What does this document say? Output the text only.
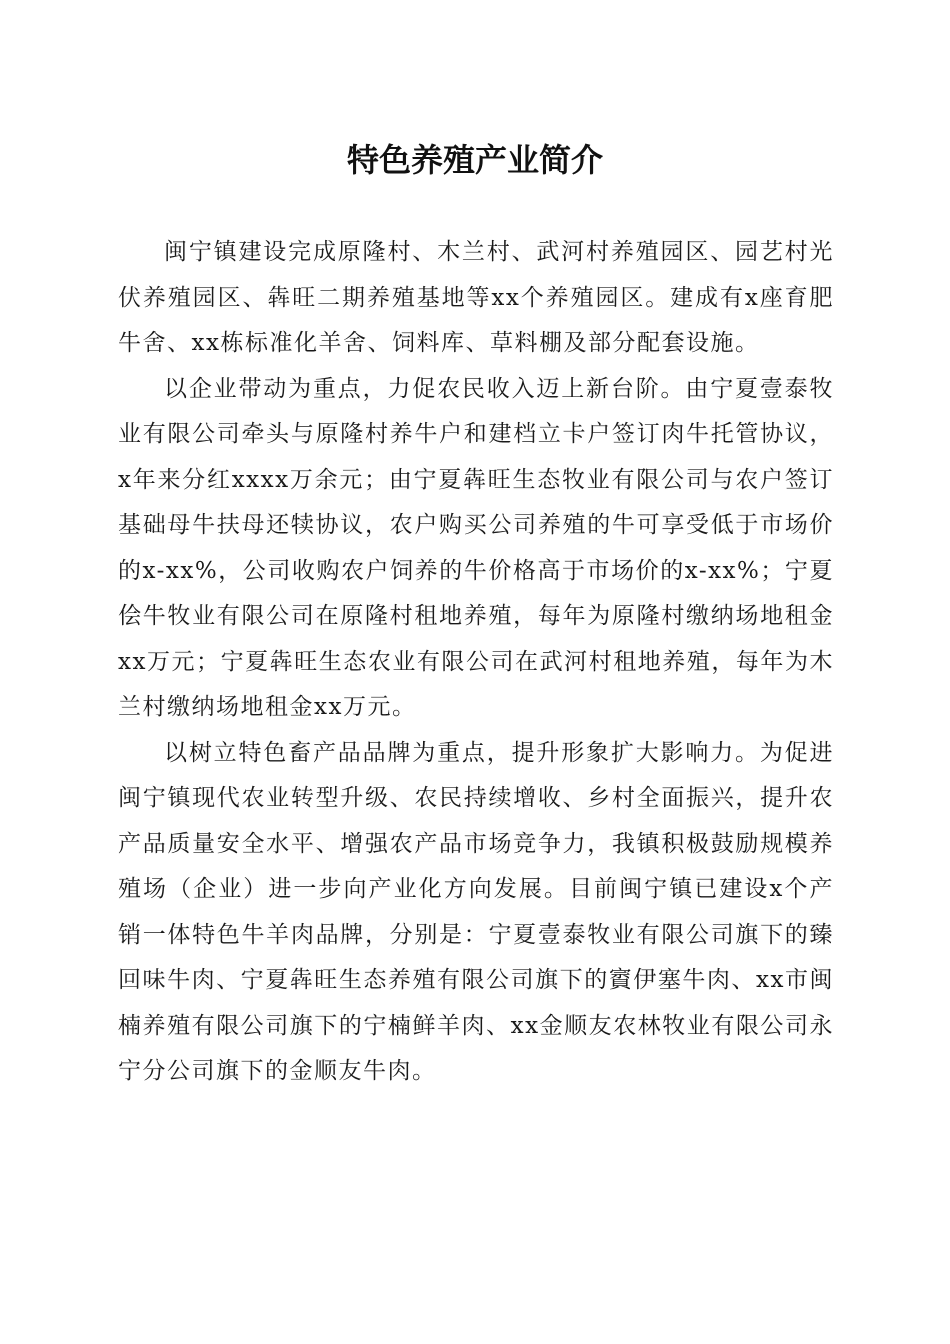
特色养殖产业简介

闽宁镇建设完成原隆村、木兰村、武河村养殖园区、园艺村光伏养殖园区、犇旺二期养殖基地等xx个养殖园区。建成有x座育肥牛舍、xx栋标准化羊舍、饲料库、草料棚及部分配套设施。

以企业带动为重点，力促农民收入迈上新台阶。由宁夏壹泰牧业有限公司牵头与原隆村养牛户和建档立卡户签订肉牛托管协议，x年来分红xxxx万余元；由宁夏犇旺生态牧业有限公司与农户签订基础母牛扶母还犊协议，农户购买公司养殖的牛可享受低于市场价的x-xx%，公司收购农户饲养的牛价格高于市场价的x-xx%；宁夏侩牛牧业有限公司在原隆村租地养殖，每年为原隆村缴纳场地租金xx万元；宁夏犇旺生态农业有限公司在武河村租地养殖，每年为木兰村缴纳场地租金xx万元。

以树立特色畜产品品牌为重点，提升形象扩大影响力。为促进闽宁镇现代农业转型升级、农民持续增收、乡村全面振兴，提升农产品质量安全水平、增强农产品市场竞争力，我镇积极鼓励规模养殖场（企业）进一步向产业化方向发展。目前闽宁镇已建设x个产销一体特色牛羊肉品牌，分别是：宁夏壹泰牧业有限公司旗下的臻回味牛肉、宁夏犇旺生态养殖有限公司旗下的賨伊塞牛肉、xx市闽楠养殖有限公司旗下的宁楠鲜羊肉、xx金顺友农林牧业有限公司永宁分公司旗下的金顺友牛肉。
